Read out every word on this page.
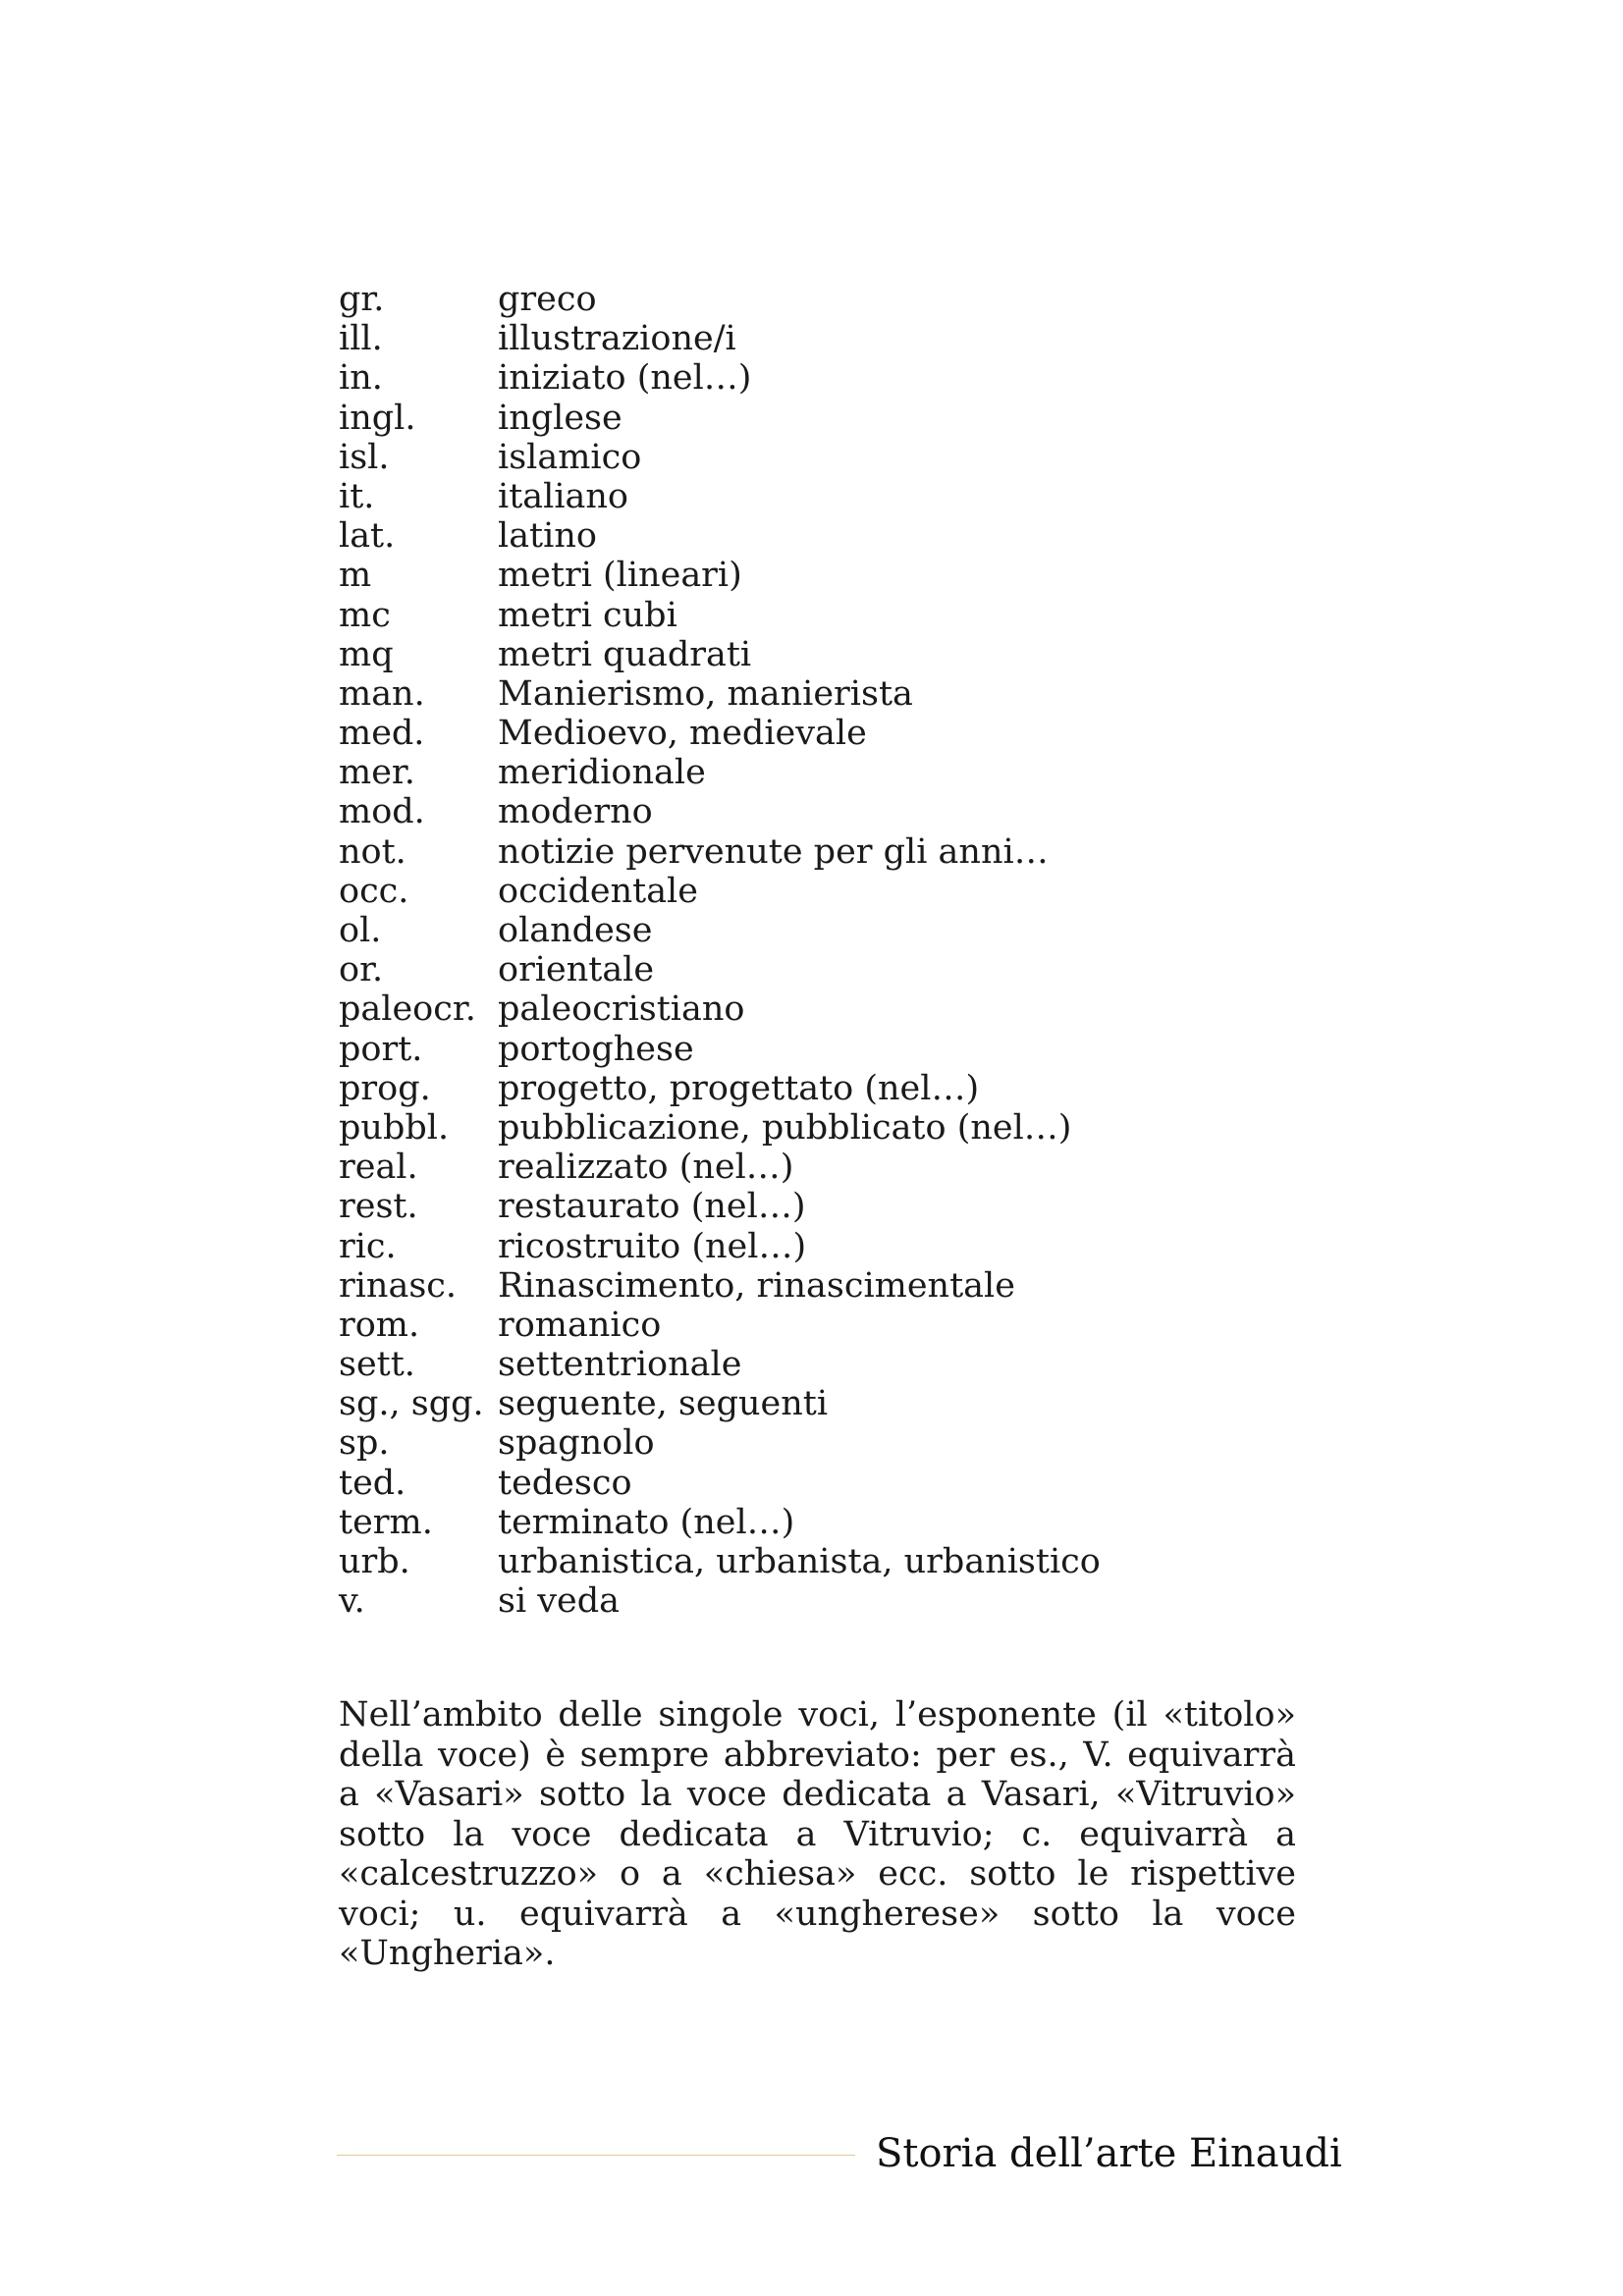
gr.	greco
ill.	illustrazione/i
in.	iniziato (nel…)
ingl.	inglese
isl.	islamico
it.	italiano
lat.	latino
m	metri (lineari)
mc	metri cubi
mq	metri quadrati
man.	Manierismo, manierista
med.	Medioevo, medievale
mer.	meridionale
mod.	moderno
not.	notizie pervenute per gli anni…
occ.	occidentale
ol.	olandese
or.	orientale
paleocr. paleocristiano
port.	portoghese
prog.	progetto, progettato (nel…)
pubbl.	pubblicazione, pubblicato (nel…)
real.	realizzato (nel…)
rest.	restaurato (nel…)
ric.	ricostruito (nel…)
rinasc.	Rinascimento, rinascimentale
rom.	romanico
sett.	settentrionale
sg., sgg. seguente, seguenti
sp.	spagnolo
ted.	tedesco
term.	terminato (nel…)
urb.	urbanistica, urbanista, urbanistico
v.	si veda

Nell’ambito delle singole voci, l’esponente (il «titolo» della voce) è sempre abbreviato: per es., V. equivarrà a «Vasari» sotto la voce dedicata a Vasari, «Vitruvio» sotto la voce dedicata a Vitruvio; c. equivarrà a «calcestruzzo» o a «chiesa» ecc. sotto le rispettive voci; u. equivarrà a «ungherese» sotto la voce «Ungheria».

Storia dell’arte Einaudi
